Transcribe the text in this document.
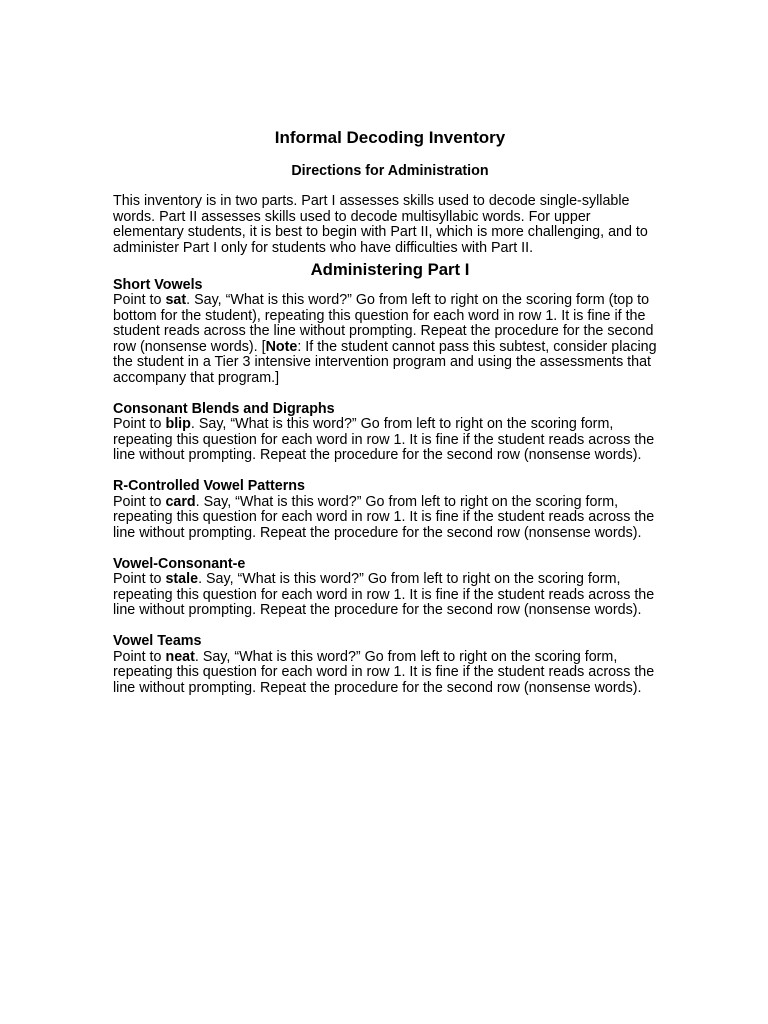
Informal Decoding Inventory
Directions for Administration

This inventory is in two parts. Part I assesses skills used to decode single-syllable words. Part II assesses skills used to decode multisyllabic words. For upper elementary students, it is best to begin with Part II, which is more challenging, and to administer Part I only for students who have difficulties with Part II.

Administering Part I

Short Vowels

Point to sat. Say, “What is this word?” Go from left to right on the scoring form (top to bottom for the student), repeating this question for each word in row 1. It is fine if the student reads across the line without prompting. Repeat the procedure for the second row (nonsense words). [Note: If the student cannot pass this subtest, consider placing the student in a Tier 3 intensive intervention program and using the assessments that accompany that program.]

Consonant Blends and Digraphs

Point to blip. Say, “What is this word?” Go from left to right on the scoring form, repeating this question for each word in row 1. It is fine if the student reads across the line without prompting. Repeat the procedure for the second row (nonsense words).

R-Controlled Vowel Patterns

Point to card. Say, “What is this word?” Go from left to right on the scoring form, repeating this question for each word in row 1. It is fine if the student reads across the line without prompting. Repeat the procedure for the second row (nonsense words).

Vowel-Consonant-e

Point to stale. Say, “What is this word?” Go from left to right on the scoring form, repeating this question for each word in row 1. It is fine if the student reads across the line without prompting. Repeat the procedure for the second row (nonsense words).

Vowel Teams

Point to neat. Say, “What is this word?” Go from left to right on the scoring form, repeating this question for each word in row 1. It is fine if the student reads across the line without prompting. Repeat the procedure for the second row (nonsense words).
